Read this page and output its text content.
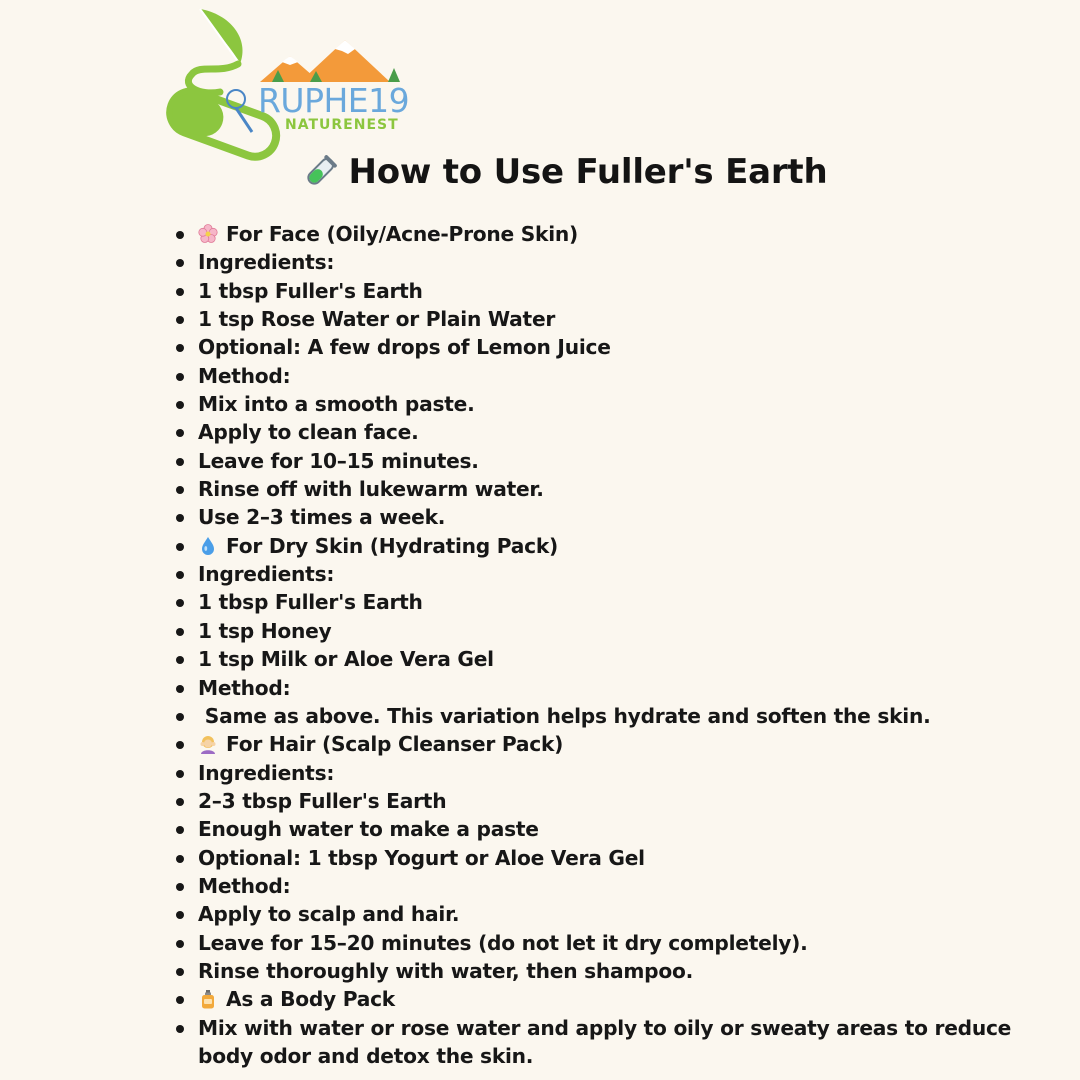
RUPHE19
NATURENEST
How to Use Fuller's Earth
For Face (Oily/Acne-Prone Skin)
Ingredients:
1 tbsp Fuller's Earth
1 tsp Rose Water or Plain Water
Optional: A few drops of Lemon Juice
Method:
Mix into a smooth paste.
Apply to clean face.
Leave for 10–15 minutes.
Rinse off with lukewarm water.
Use 2–3 times a week.
For Dry Skin (Hydrating Pack)
Ingredients:
1 tbsp Fuller's Earth
1 tsp Honey
1 tsp Milk or Aloe Vera Gel
Method:
Same as above. This variation helps hydrate and soften the skin.
For Hair (Scalp Cleanser Pack)
Ingredients:
2–3 tbsp Fuller's Earth
Enough water to make a paste
Optional: 1 tbsp Yogurt or Aloe Vera Gel
Method:
Apply to scalp and hair.
Leave for 15–20 minutes (do not let it dry completely).
Rinse thoroughly with water, then shampoo.
As a Body Pack
Mix with water or rose water and apply to oily or sweaty areas to reduce body odor and detox the skin.
